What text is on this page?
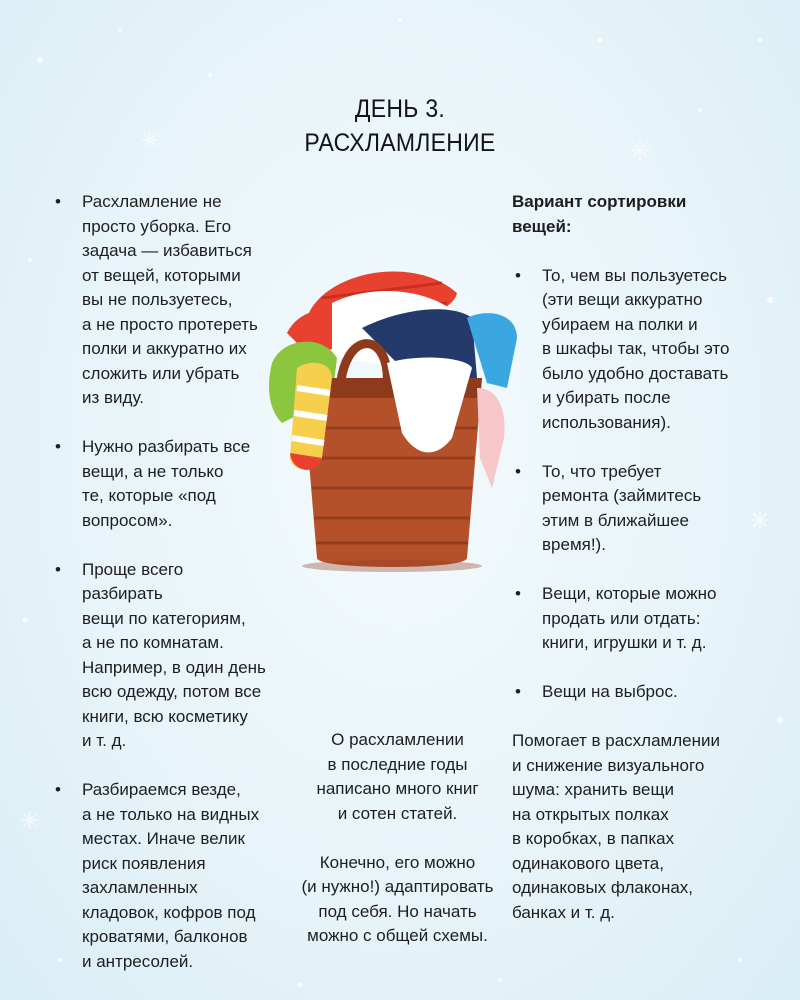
ДЕНЬ 3.
РАСХЛАМЛЕНИЕ
• Расхламление не
просто уборка. Его
задача — избавиться
от вещей, которыми
вы не пользуетесь,
а не просто протереть
полки и аккуратно их
сложить или убрать
из виду.
• Нужно разбирать все
вещи, а не только
те, которые «под
вопросом».
• Проще всего разбирать
вещи по категориям,
а не по комнатам.
Например, в один день
всю одежду, потом все
книги, всю косметику
и т. д.
• Разбираемся везде,
а не только на видных
местах. Иначе велик
риск появления
захламленных
кладовок, кофров под
кроватями, балконов
и антресолей.

О расхламлении
в последние годы
написано много книг
и сотен статей.

Конечно, его можно
(и нужно!) адаптировать
под себя. Но начать
можно с общей схемы.

Вариант сортировки
вещей:
• То, чем вы пользуетесь
(эти вещи аккуратно
убираем на полки и
в шкафы так, чтобы это
было удобно доставать
и убирать после
использования).
• То, что требует
ремонта (займитесь
этим в ближайшее
время!).
• Вещи, которые можно
продать или отдать:
книги, игрушки и т. д.
• Вещи на выброс.
Помогает в расхламлении
и снижение визуального
шума: хранить вещи
на открытых полках
в коробках, в папках
одинакового цвета,
одинаковых флаконах,
банках и т. д.
